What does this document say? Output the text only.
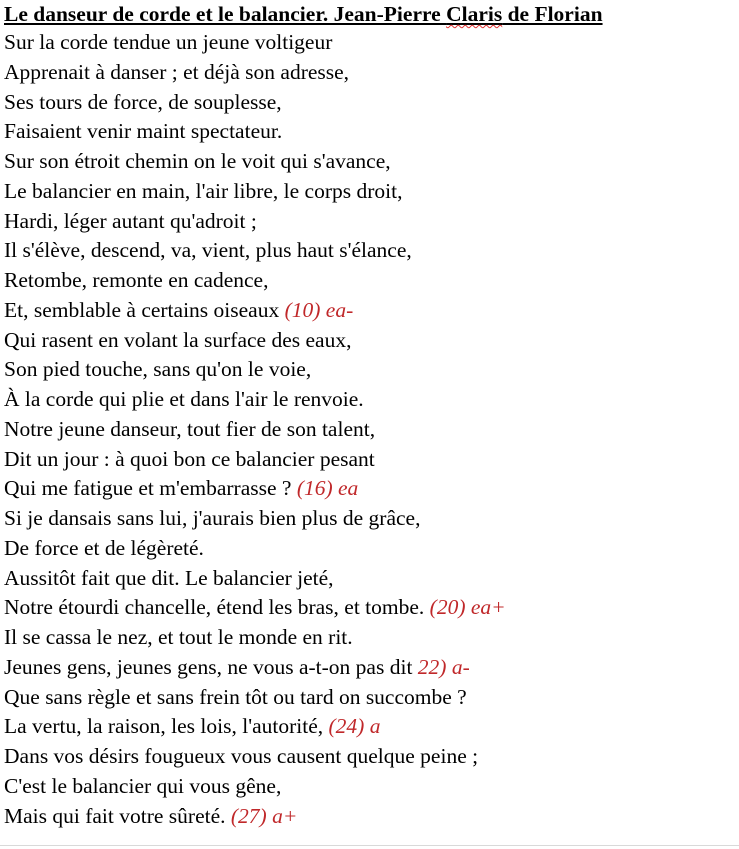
Le danseur de corde et le balancier. Jean-Pierre Claris de Florian
Sur la corde tendue un jeune voltigeur
Apprenait à danser ; et déjà son adresse,
Ses tours de force, de souplesse,
Faisaient venir maint spectateur.
Sur son étroit chemin on le voit qui s'avance,
Le balancier en main, l'air libre, le corps droit,
Hardi, léger autant qu'adroit ;
Il s'élève, descend, va, vient, plus haut s'élance,
Retombe, remonte en cadence,
Et, semblable à certains oiseaux (10) ea-
Qui rasent en volant la surface des eaux,
Son pied touche, sans qu'on le voie,
À la corde qui plie et dans l'air le renvoie.
Notre jeune danseur, tout fier de son talent,
Dit un jour : à quoi bon ce balancier pesant
Qui me fatigue et m'embarrasse ? (16) ea
Si je dansais sans lui, j'aurais bien plus de grâce,
De force et de légèreté.
Aussitôt fait que dit. Le balancier jeté,
Notre étourdi chancelle, étend les bras, et tombe. (20) ea+
Il se cassa le nez, et tout le monde en rit.
Jeunes gens, jeunes gens, ne vous a-t-on pas dit 22) a-
Que sans règle et sans frein tôt ou tard on succombe ?
La vertu, la raison, les lois, l'autorité, (24) a
Dans vos désirs fougueux vous causent quelque peine ;
C'est le balancier qui vous gêne,
Mais qui fait votre sûreté. (27) a+
